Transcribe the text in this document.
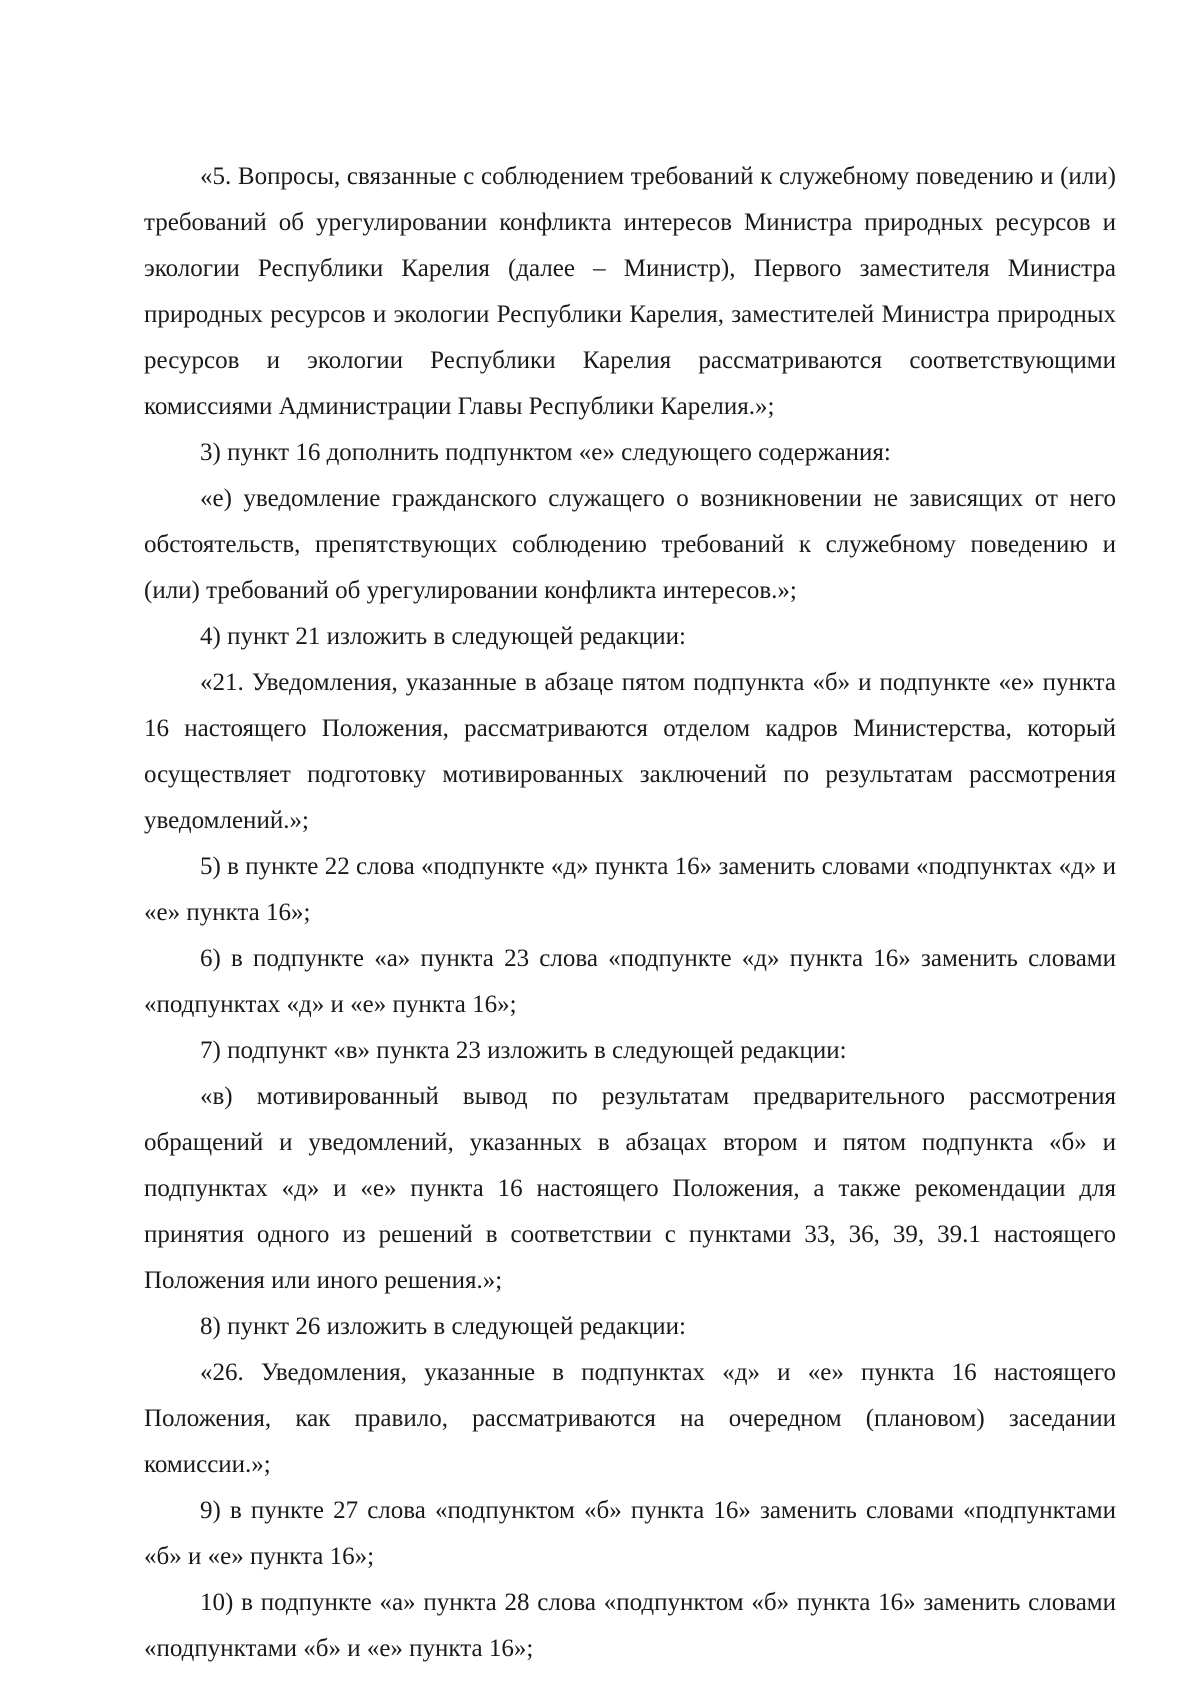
«5. Вопросы, связанные с соблюдением требований к служебному поведению и (или) требований об урегулировании конфликта интересов Министра природных ресурсов и экологии Республики Карелия (далее – Министр), Первого заместителя Министра природных ресурсов и экологии Республики Карелия, заместителей Министра природных ресурсов и экологии Республики Карелия рассматриваются соответствующими комиссиями Администрации Главы Республики Карелия.»;

3) пункт 16 дополнить подпунктом «е» следующего содержания:

«е) уведомление гражданского служащего о возникновении не зависящих от него обстоятельств, препятствующих соблюдению требований к служебному поведению и (или) требований об урегулировании конфликта интересов.»;

4) пункт 21 изложить в следующей редакции:

«21. Уведомления, указанные в абзаце пятом подпункта «б» и подпункте «е» пункта 16 настоящего Положения, рассматриваются отделом кадров Министерства, который осуществляет подготовку мотивированных заключений по результатам рассмотрения уведомлений.»;

5) в пункте 22 слова «подпункте «д» пункта 16» заменить словами «подпунктах «д» и «е» пункта 16»;

6) в подпункте «а» пункта 23 слова «подпункте «д» пункта 16» заменить словами «подпунктах «д» и «е» пункта 16»;

7) подпункт «в» пункта 23 изложить в следующей редакции:

«в) мотивированный вывод по результатам предварительного рассмотрения обращений и уведомлений, указанных в абзацах втором и пятом подпункта «б» и подпунктах «д» и «е» пункта 16 настоящего Положения, а также рекомендации для принятия одного из решений в соответствии с пунктами 33, 36, 39, 39.1 настоящего Положения или иного решения.»;

8) пункт 26 изложить в следующей редакции:

«26. Уведомления, указанные в подпунктах «д» и «е» пункта 16 настоящего Положения, как правило, рассматриваются на очередном (плановом) заседании комиссии.»;

9) в пункте 27 слова «подпунктом «б» пункта 16» заменить словами «подпунктами «б» и «е» пункта 16»;

10) в подпункте «а» пункта 28 слова «подпунктом «б» пункта 16» заменить словами «подпунктами «б» и «е» пункта 16»;
